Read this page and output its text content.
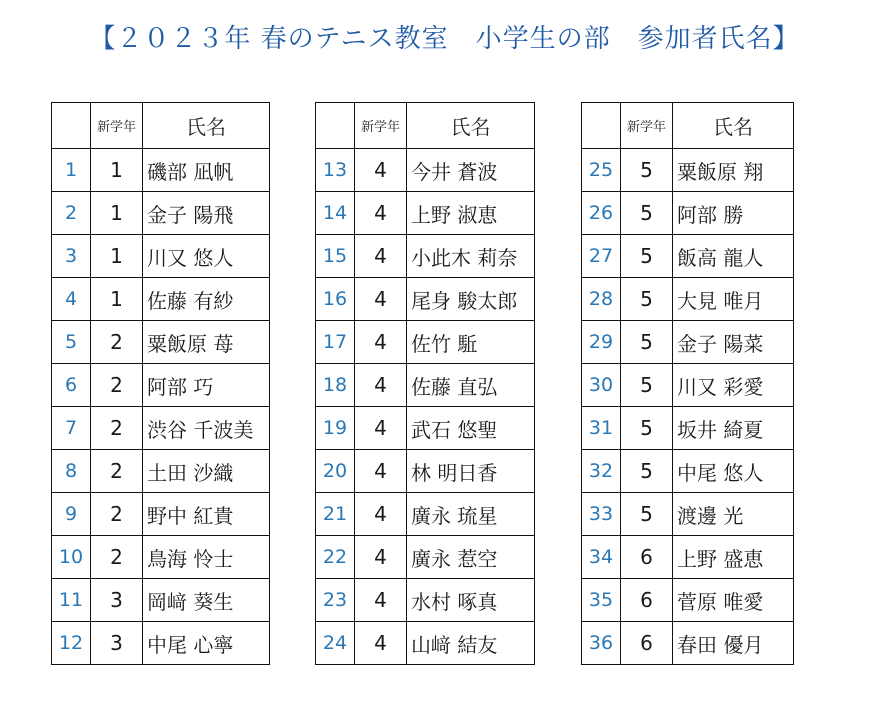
【２０２３年 春のテニス教室　小学生の部　参加者氏名】
	新学年	氏名
1	1	磯部 凪帆
2	1	金子 陽飛
3	1	川又 悠人
4	1	佐藤 有紗
5	2	粟飯原 苺
6	2	阿部 巧
7	2	渋谷 千波美
8	2	土田 沙織
9	2	野中 紅貴
10	2	鳥海 怜士
11	3	岡﨑 葵生
12	3	中尾 心寧
	新学年	氏名
13	4	今井 蒼波
14	4	上野 淑恵
15	4	小此木 莉奈
16	4	尾身 駿太郎
17	4	佐竹 駈
18	4	佐藤 直弘
19	4	武石 悠聖
20	4	林 明日香
21	4	廣永 琉星
22	4	廣永 惹空
23	4	水村 啄真
24	4	山﨑 結友
	新学年	氏名
25	5	粟飯原 翔
26	5	阿部 勝
27	5	飯高 龍人
28	5	大見 唯月
29	5	金子 陽菜
30	5	川又 彩愛
31	5	坂井 綺夏
32	5	中尾 悠人
33	5	渡邊 光
34	6	上野 盛恵
35	6	菅原 唯愛
36	6	春田 優月
